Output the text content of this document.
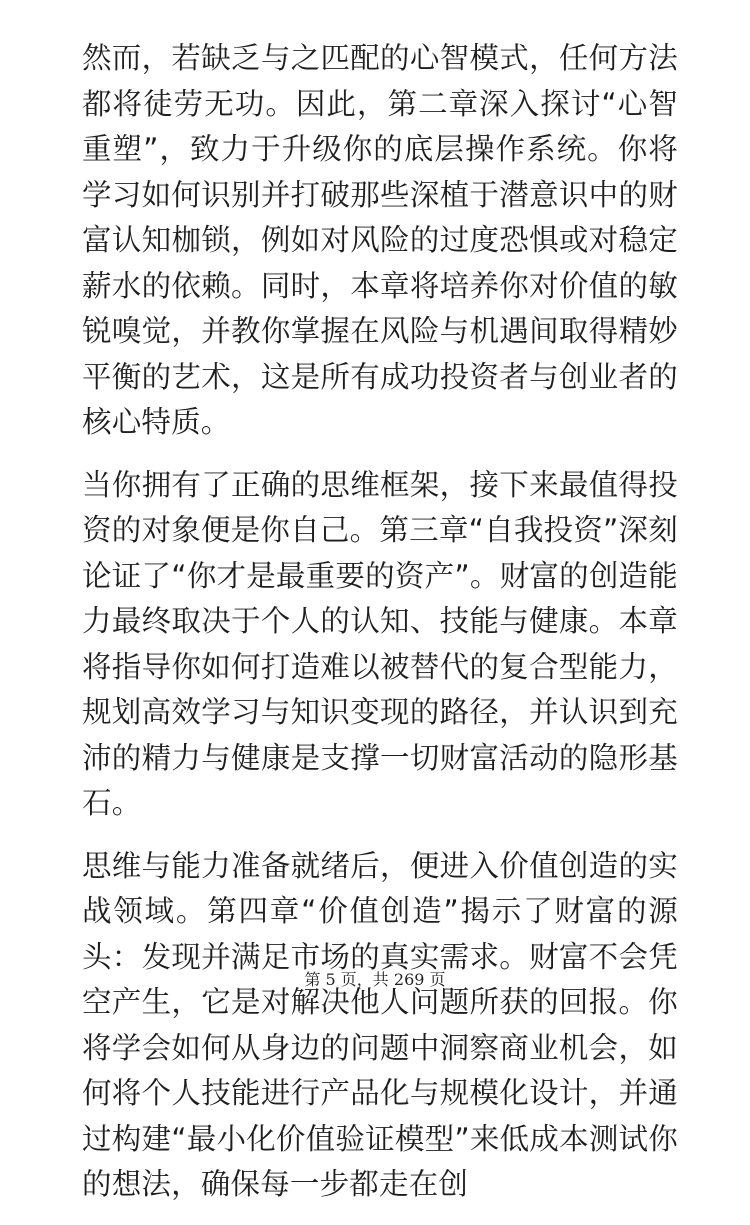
然而，若缺乏与之匹配的心智模式，任何方法都将徒劳无功。因此，第二章深入探讨“心智重塑”，致力于升级你的底层操作系统。你将学习如何识别并打破那些深植于潜意识中的财富认知枷锁，例如对风险的过度恐惧或对稳定薪水的依赖。同时，本章将培养你对价值的敏锐嗅觉，并教你掌握在风险与机遇间取得精妙平衡的艺术，这是所有成功投资者与创业者的核心特质。

当你拥有了正确的思维框架，接下来最值得投资的对象便是你自己。第三章“自我投资”深刻论证了“你才是最重要的资产”。财富的创造能力最终取决于个人的认知、技能与健康。本章将指导你如何打造难以被替代的复合型能力，规划高效学习与知识变现的路径，并认识到充沛的精力与健康是支撑一切财富活动的隐形基石。

思维与能力准备就绪后，便进入价值创造的实战领域。第四章“价值创造”揭示了财富的源头：发现并满足市场的真实需求。财富不会凭空产生，它是对解决他人问题所获的回报。你将学会如何从身边的问题中洞察商业机会，如何将个人技能进行产品化与规模化设计，并通过构建“最小化价值验证模型”来低成本测试你的想法，确保每一步都走在创

第 5 页，共 269 页
